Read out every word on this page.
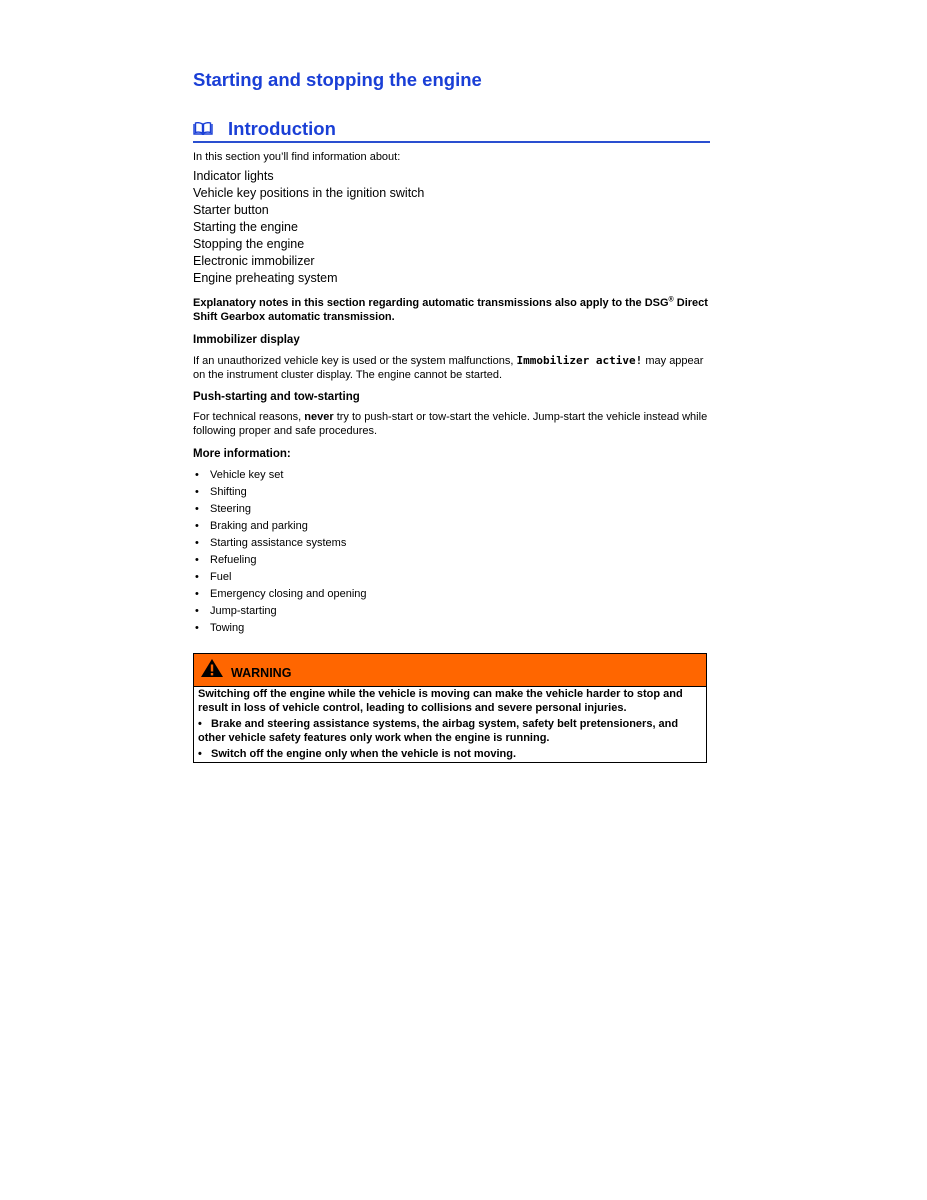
Starting and stopping the engine
Introduction
In this section you’ll find information about:
Indicator lights
Vehicle key positions in the ignition switch
Starter button
Starting the engine
Stopping the engine
Electronic immobilizer
Engine preheating system
Explanatory notes in this section regarding automatic transmissions also apply to the DSG® Direct Shift Gearbox automatic transmission.
Immobilizer display
If an unauthorized vehicle key is used or the system malfunctions, Immobilizer active! may appear on the instrument cluster display. The engine cannot be started.
Push-starting and tow-starting
For technical reasons, never try to push-start or tow-start the vehicle. Jump-start the vehicle instead while following proper and safe procedures.
More information:
• Vehicle key set
• Shifting
• Steering
• Braking and parking
• Starting assistance systems
• Refueling
• Fuel
• Emergency closing and opening
• Jump-starting
• Towing
WARNING

Switching off the engine while the vehicle is moving can make the vehicle harder to stop and result in loss of vehicle control, leading to collisions and severe personal injuries.

• Brake and steering assistance systems, the airbag system, safety belt pretensioners, and other vehicle safety features only work when the engine is running.

• Switch off the engine only when the vehicle is not moving.
